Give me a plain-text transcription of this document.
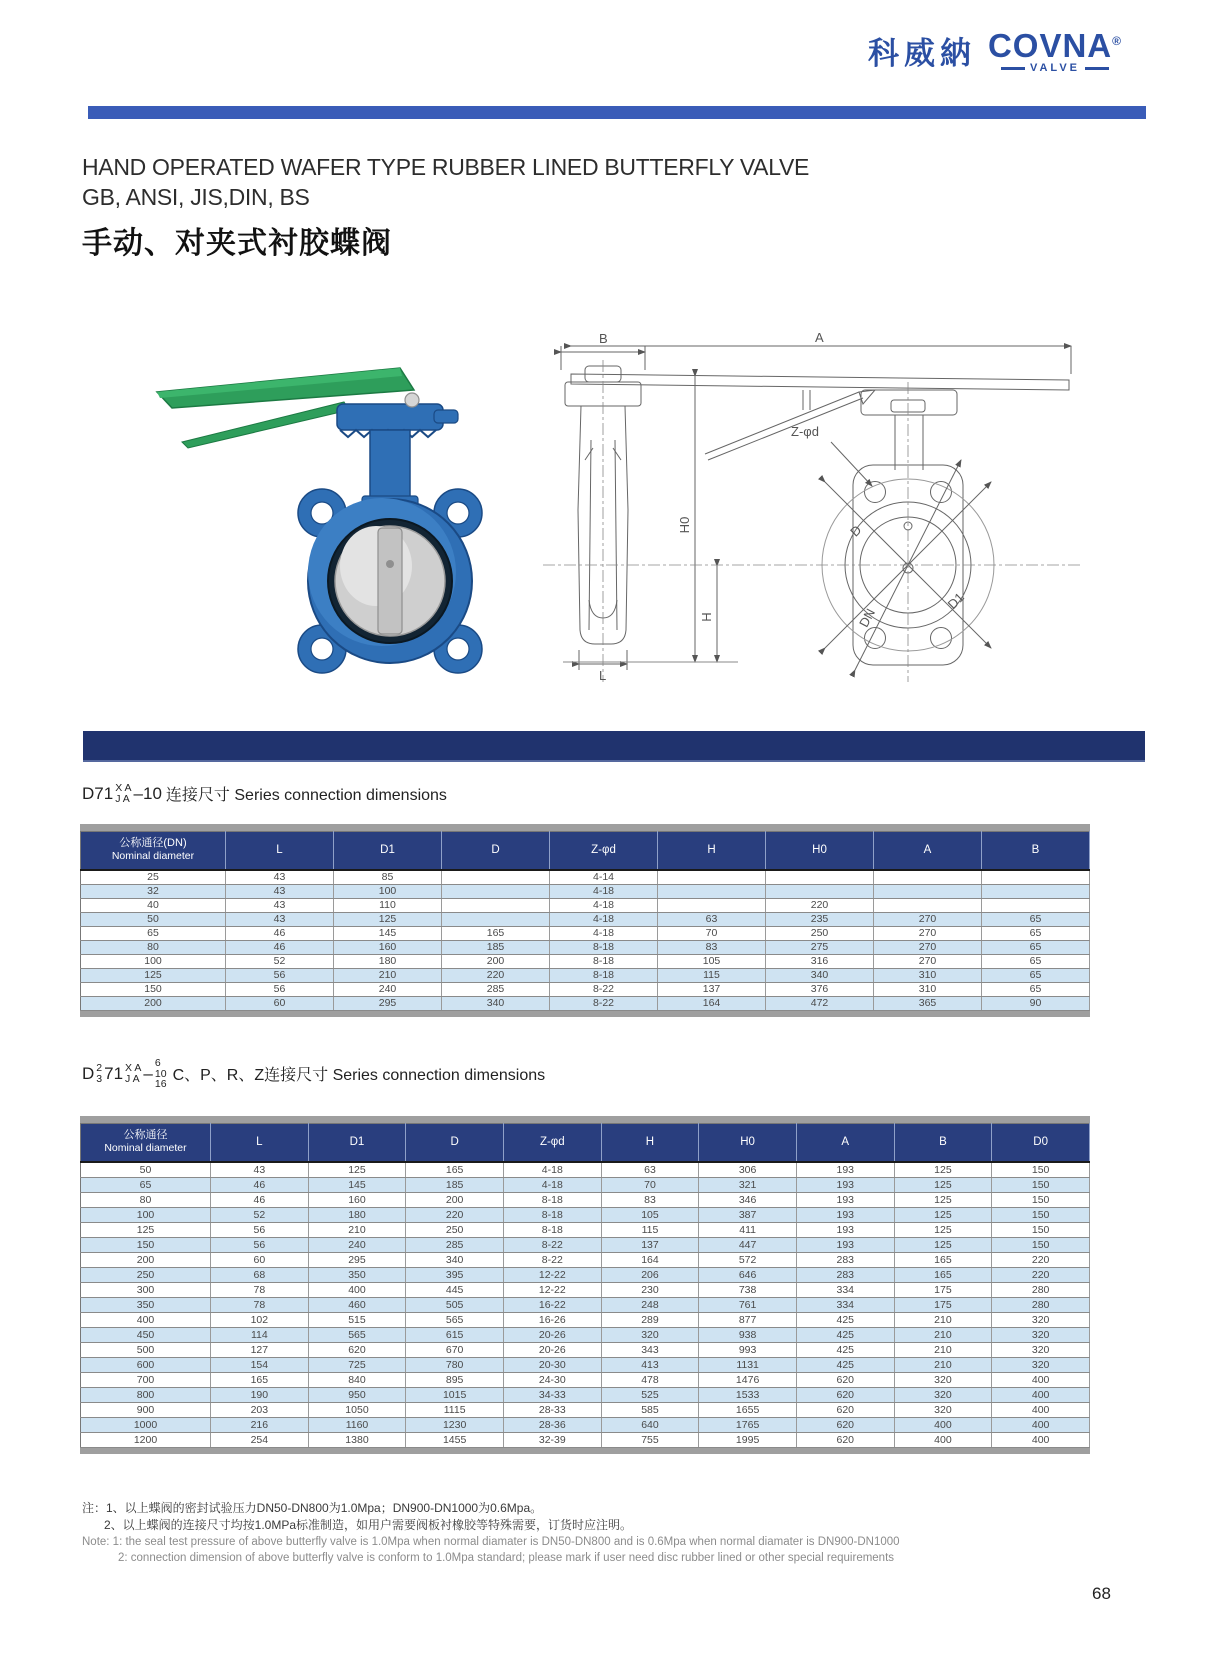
科威納 COVNA®
VALVE
HAND OPERATED WAFER TYPE RUBBER LINED BUTTERFLY VALVE
GB, ANSI, JIS,DIN, BS
手动、对夹式衬胶蝶阀
B	A
H0
H
L
Z-φd
D
D1
DN
D71 X A
J A –10 连接尺寸 Series connection dimensions
公称通径(DN)
Nominal diameter	L	D1	D	Z-φd	H	H0	A	B
25	43	85		4-14				
32	43	100		4-18				
40	43	110		4-18		220		
50	43	125		4-18	63	235	270	65
65	46	145	165	4-18	70	250	270	65
80	46	160	185	8-18	83	275	270	65
100	52	180	200	8-18	105	316	270	65
125	56	210	220	8-18	115	340	310	65
150	56	240	285	8-22	137	376	310	65
200	60	295	340	8-22	164	472	365	90
D 2
3 71 X A
J A –
6
10
16 C、P、R、Z连接尺寸 Series connection dimensions
公称通径
Nominal diameter	L	D1	D	Z-φd	H	H0	A	B	D0
50	43	125	165	4-18	63	306	193	125	150
65	46	145	185	4-18	70	321	193	125	150
80	46	160	200	8-18	83	346	193	125	150
100	52	180	220	8-18	105	387	193	125	150
125	56	210	250	8-18	115	411	193	125	150
150	56	240	285	8-22	137	447	193	125	150
200	60	295	340	8-22	164	572	283	165	220
250	68	350	395	12-22	206	646	283	165	220
300	78	400	445	12-22	230	738	334	175	280
350	78	460	505	16-22	248	761	334	175	280
400	102	515	565	16-26	289	877	425	210	320
450	114	565	615	20-26	320	938	425	210	320
500	127	620	670	20-26	343	993	425	210	320
600	154	725	780	20-30	413	1131	425	210	320
700	165	840	895	24-30	478	1476	620	320	400
800	190	950	1015	34-33	525	1533	620	320	400
900	203	1050	1115	28-33	585	1655	620	320	400
1000	216	1160	1230	28-36	640	1765	620	400	400
1200	254	1380	1455	32-39	755	1995	620	400	400
注：1、以上蝶阀的密封试验压力DN50-DN800为1.0Mpa；DN900-DN1000为0.6Mpa。
2、以上蝶阀的连接尺寸均按1.0MPa标准制造，如用户需要阀板衬橡胶等特殊需要，订货时应注明。
Note: 1: the seal test pressure of above butterfly valve is 1.0Mpa when normal diamater is DN50-DN800 and is 0.6Mpa when normal diamater is DN900-DN1000
2: connection dimension of above butterfly valve is conform to 1.0Mpa standard; please mark if user need disc rubber lined or other special requirements
68
